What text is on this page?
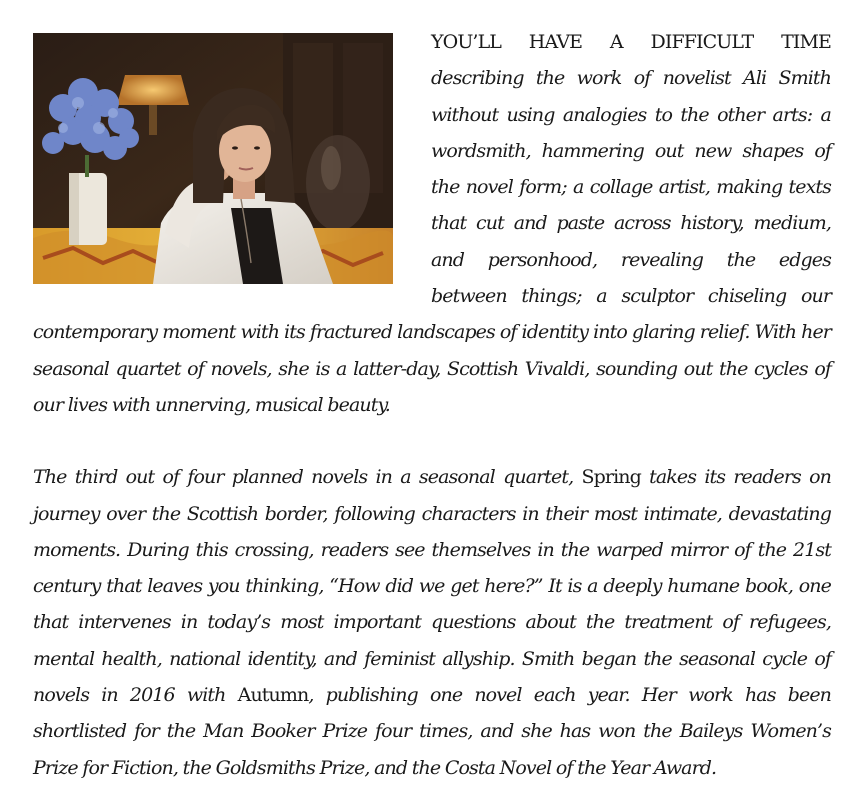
YOU’LL HAVE A DIFFICULT TIME describing the work of novelist Ali Smith without using analogies to the other arts: a wordsmith, hammering out new shapes of the novel form; a collage artist, making texts that cut and paste across history, medium, and personhood, revealing the edges between things; a sculptor chiseling our contemporary moment with its fractured landscapes of identity into glaring relief. With her seasonal quartet of novels, she is a latter-day, Scottish Vivaldi, sounding out the cycles of our lives with unnerving, musical beauty.

The third out of four planned novels in a seasonal quartet, Spring takes its readers on journey over the Scottish border, following characters in their most intimate, devastating moments. During this crossing, readers see themselves in the warped mirror of the 21st century that leaves you thinking, “How did we get here?” It is a deeply humane book, one that intervenes in today’s most important questions about the treatment of refugees, mental health, national identity, and feminist allyship. Smith began the seasonal cycle of novels in 2016 with Autumn, publishing one novel each year. Her work has been shortlisted for the Man Booker Prize four times, and she has won the Baileys Women’s Prize for Fiction, the Goldsmiths Prize, and the Costa Novel of the Year Award.
